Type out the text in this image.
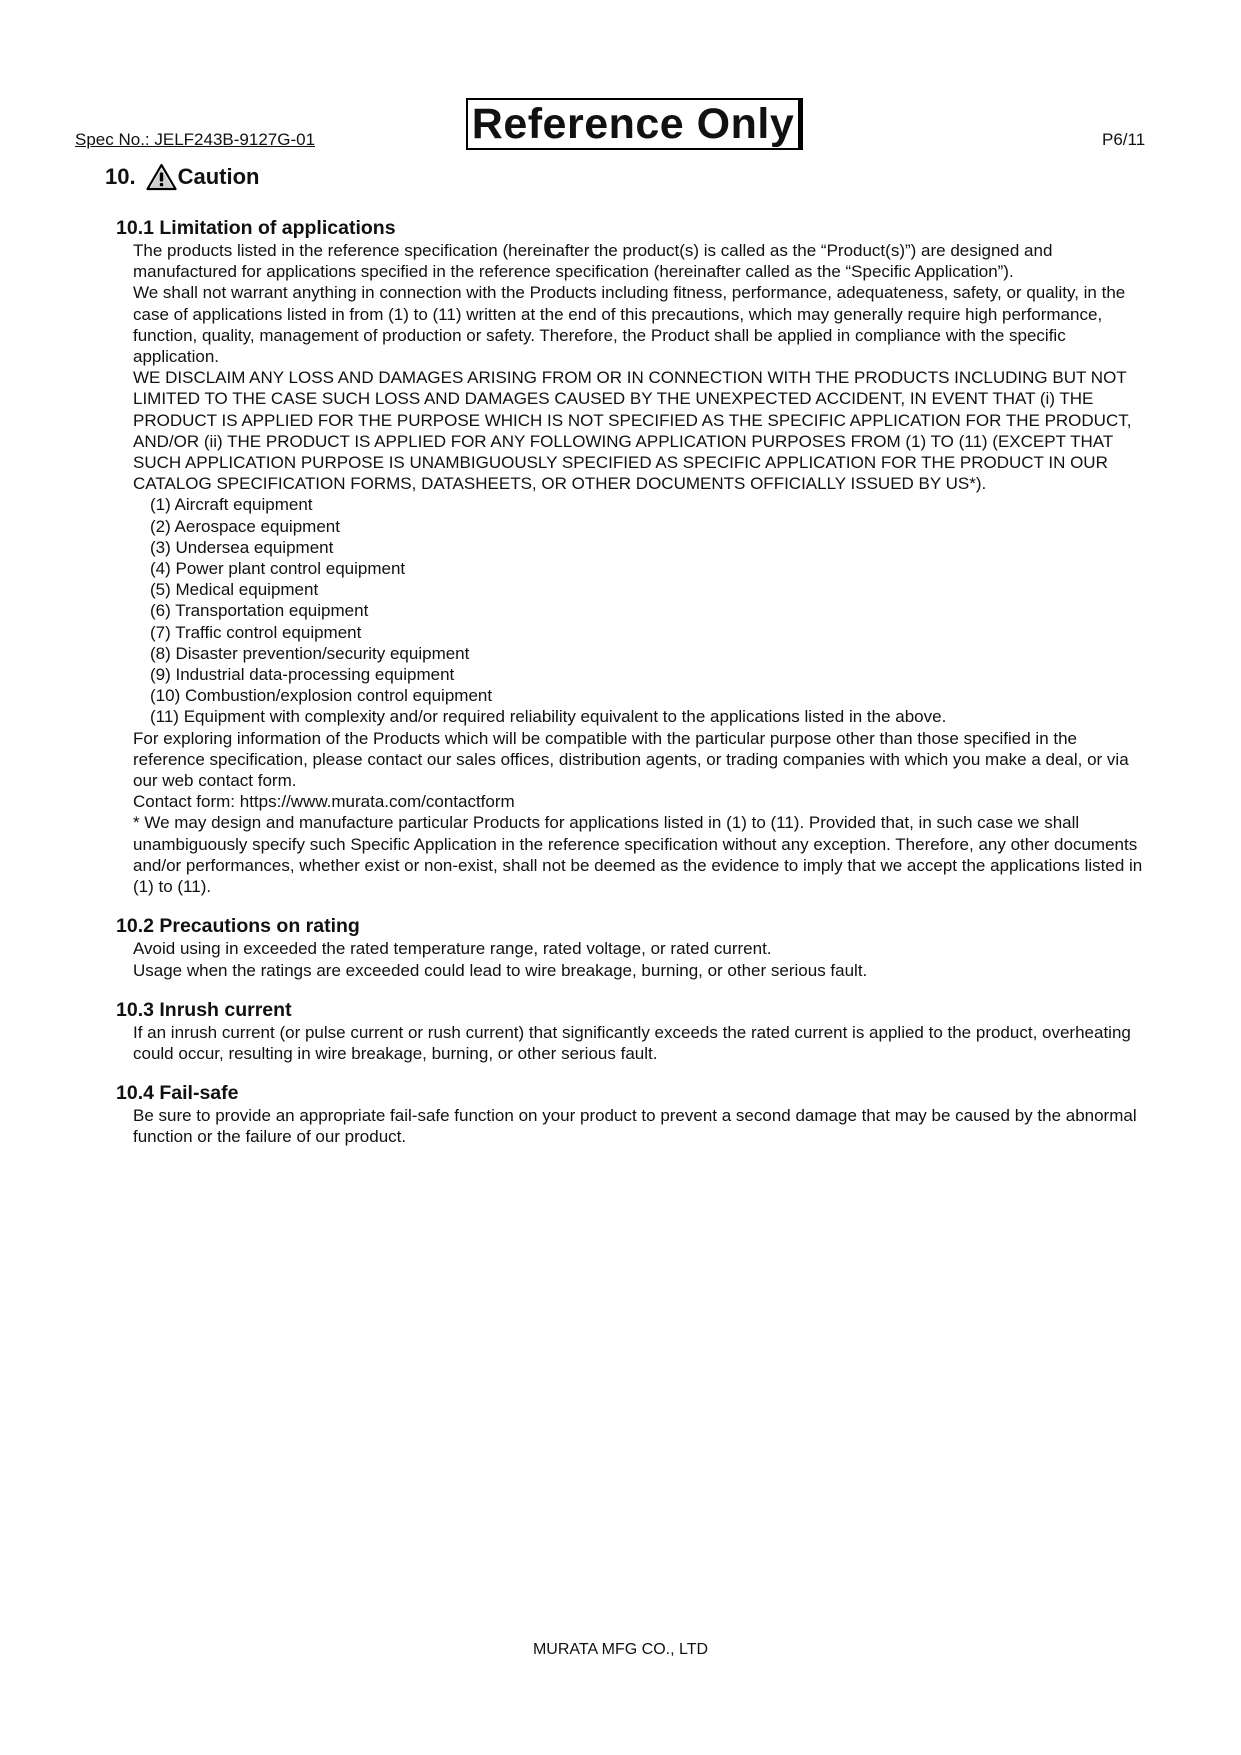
Spec No.: JELF243B-9127G-01	Reference Only	P6/11
10. Caution
10.1 Limitation of applications

The products listed in the reference specification (hereinafter the product(s) is called as the “Product(s)”) are designed and manufactured for applications specified in the reference specification (hereinafter called as the “Specific Application”).

We shall not warrant anything in connection with the Products including fitness, performance, adequateness, safety, or quality, in the case of applications listed in from (1) to (11) written at the end of this precautions, which may generally require high performance, function, quality, management of production or safety. Therefore, the Product shall be applied in compliance with the specific application.

WE DISCLAIM ANY LOSS AND DAMAGES ARISING FROM OR IN CONNECTION WITH THE PRODUCTS INCLUDING BUT NOT LIMITED TO THE CASE SUCH LOSS AND DAMAGES CAUSED BY THE UNEXPECTED ACCIDENT, IN EVENT THAT (i) THE PRODUCT IS APPLIED FOR THE PURPOSE WHICH IS NOT SPECIFIED AS THE SPECIFIC APPLICATION FOR THE PRODUCT, AND/OR (ii) THE PRODUCT IS APPLIED FOR ANY FOLLOWING APPLICATION PURPOSES FROM (1) TO (11) (EXCEPT THAT SUCH APPLICATION PURPOSE IS UNAMBIGUOUSLY SPECIFIED AS SPECIFIC APPLICATION FOR THE PRODUCT IN OUR CATALOG SPECIFICATION FORMS, DATASHEETS, OR OTHER DOCUMENTS OFFICIALLY ISSUED BY US*).

(1) Aircraft equipment
(2) Aerospace equipment
(3) Undersea equipment
(4) Power plant control equipment
(5) Medical equipment
(6) Transportation equipment
(7) Traffic control equipment
(8) Disaster prevention/security equipment
(9) Industrial data-processing equipment
(10) Combustion/explosion control equipment
(11) Equipment with complexity and/or required reliability equivalent to the applications listed in the above.

For exploring information of the Products which will be compatible with the particular purpose other than those specified in the reference specification, please contact our sales offices, distribution agents, or trading companies with which you make a deal, or via our web contact form.

Contact form: https://www.murata.com/contactform

* We may design and manufacture particular Products for applications listed in (1) to (11). Provided that, in such case we shall unambiguously specify such Specific Application in the reference specification without any exception. Therefore, any other documents and/or performances, whether exist or non-exist, shall not be deemed as the evidence to imply that we accept the applications listed in (1) to (11).

10.2 Precautions on rating

Avoid using in exceeded the rated temperature range, rated voltage, or rated current.

Usage when the ratings are exceeded could lead to wire breakage, burning, or other serious fault.

10.3 Inrush current

If an inrush current (or pulse current or rush current) that significantly exceeds the rated current is applied to the product, overheating could occur, resulting in wire breakage, burning, or other serious fault.

10.4 Fail-safe

Be sure to provide an appropriate fail-safe function on your product to prevent a second damage that may be caused by the abnormal function or the failure of our product.

MURATA MFG CO., LTD
